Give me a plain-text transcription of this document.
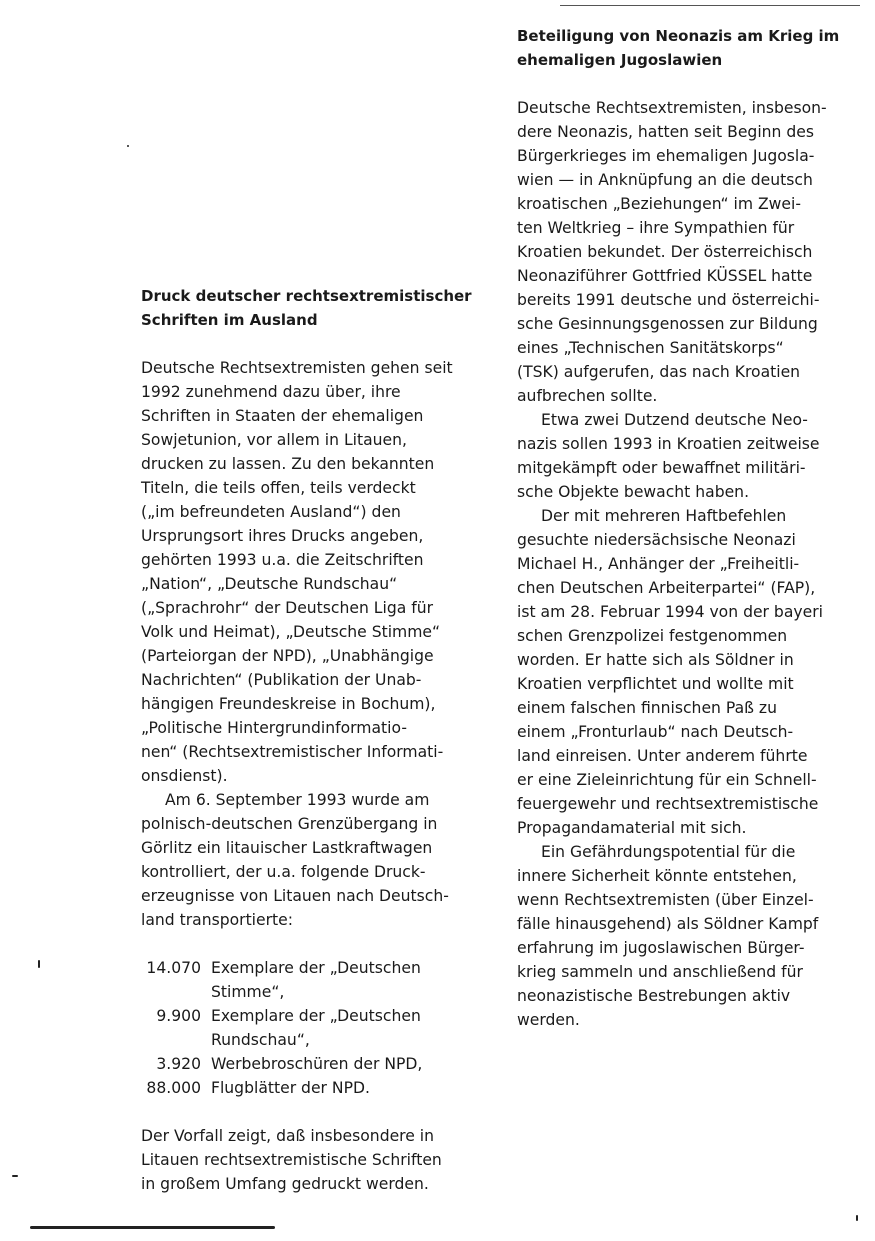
Druck deutscher rechtsextremistischer
Schriften im Ausland

Deutsche Rechtsextremisten gehen seit
1992 zunehmend dazu über, ihre
Schriften in Staaten der ehemaligen
Sowjetunion, vor allem in Litauen,
drucken zu lassen. Zu den bekannten
Titeln, die teils offen, teils verdeckt
(„im befreundeten Ausland“) den
Ursprungsort ihres Drucks angeben,
gehörten 1993 u.a. die Zeitschriften
„Nation“, „Deutsche Rundschau“
(„Sprachrohr“ der Deutschen Liga für
Volk und Heimat), „Deutsche Stimme“
(Parteiorgan der NPD), „Unabhängige
Nachrichten“ (Publikation der Unab-
hängigen Freundeskreise in Bochum),
„Politische Hintergrundinformatio-
nen“ (Rechtsextremistischer Informati-
onsdienst).

Am 6. September 1993 wurde am
polnisch-deutschen Grenzübergang in
Görlitz ein litauischer Lastkraftwagen
kontrolliert, der u.a. folgende Druck-
erzeugnisse von Litauen nach Deutsch-
land transportierte:

14.070 Exemplare der „Deutschen
Stimme“,
9.900 Exemplare der „Deutschen
Rundschau“,
3.920 Werbebroschüren der NPD,
88.000 Flugblätter der NPD.

Der Vorfall zeigt, daß insbesondere in
Litauen rechtsextremistische Schriften
in großem Umfang gedruckt werden.

Beteiligung von Neonazis am Krieg im
ehemaligen Jugoslawien

Deutsche Rechtsextremisten, insbeson-
dere Neonazis, hatten seit Beginn des
Bürgerkrieges im ehemaligen Jugosla-
wien — in Anknüpfung an die deutsch
kroatischen „Beziehungen“ im Zwei-
ten Weltkrieg – ihre Sympathien für
Kroatien bekundet. Der österreichisch
Neonaziführer Gottfried KÜSSEL hatte
bereits 1991 deutsche und österreichi-
sche Gesinnungsgenossen zur Bildung
eines „Technischen Sanitätskorps“
(TSK) aufgerufen, das nach Kroatien
aufbrechen sollte.

Etwa zwei Dutzend deutsche Neo-
nazis sollen 1993 in Kroatien zeitweise
mitgekämpft oder bewaffnet militäri-
sche Objekte bewacht haben.

Der mit mehreren Haftbefehlen
gesuchte niedersächsische Neonazi
Michael H., Anhänger der „Freiheitli-
chen Deutschen Arbeiterpartei“ (FAP),
ist am 28. Februar 1994 von der bayeri
schen Grenzpolizei festgenommen
worden. Er hatte sich als Söldner in
Kroatien verpflichtet und wollte mit
einem falschen finnischen Paß zu
einem „Fronturlaub“ nach Deutsch-
land einreisen. Unter anderem führte
er eine Zieleinrichtung für ein Schnell-
feuergewehr und rechtsextremistische
Propagandamaterial mit sich.

Ein Gefährdungspotential für die
innere Sicherheit könnte entstehen,
wenn Rechtsextremisten (über Einzel-
fälle hinausgehend) als Söldner Kampf
erfahrung im jugoslawischen Bürger-
krieg sammeln und anschließend für
neonazistische Bestrebungen aktiv
werden.
